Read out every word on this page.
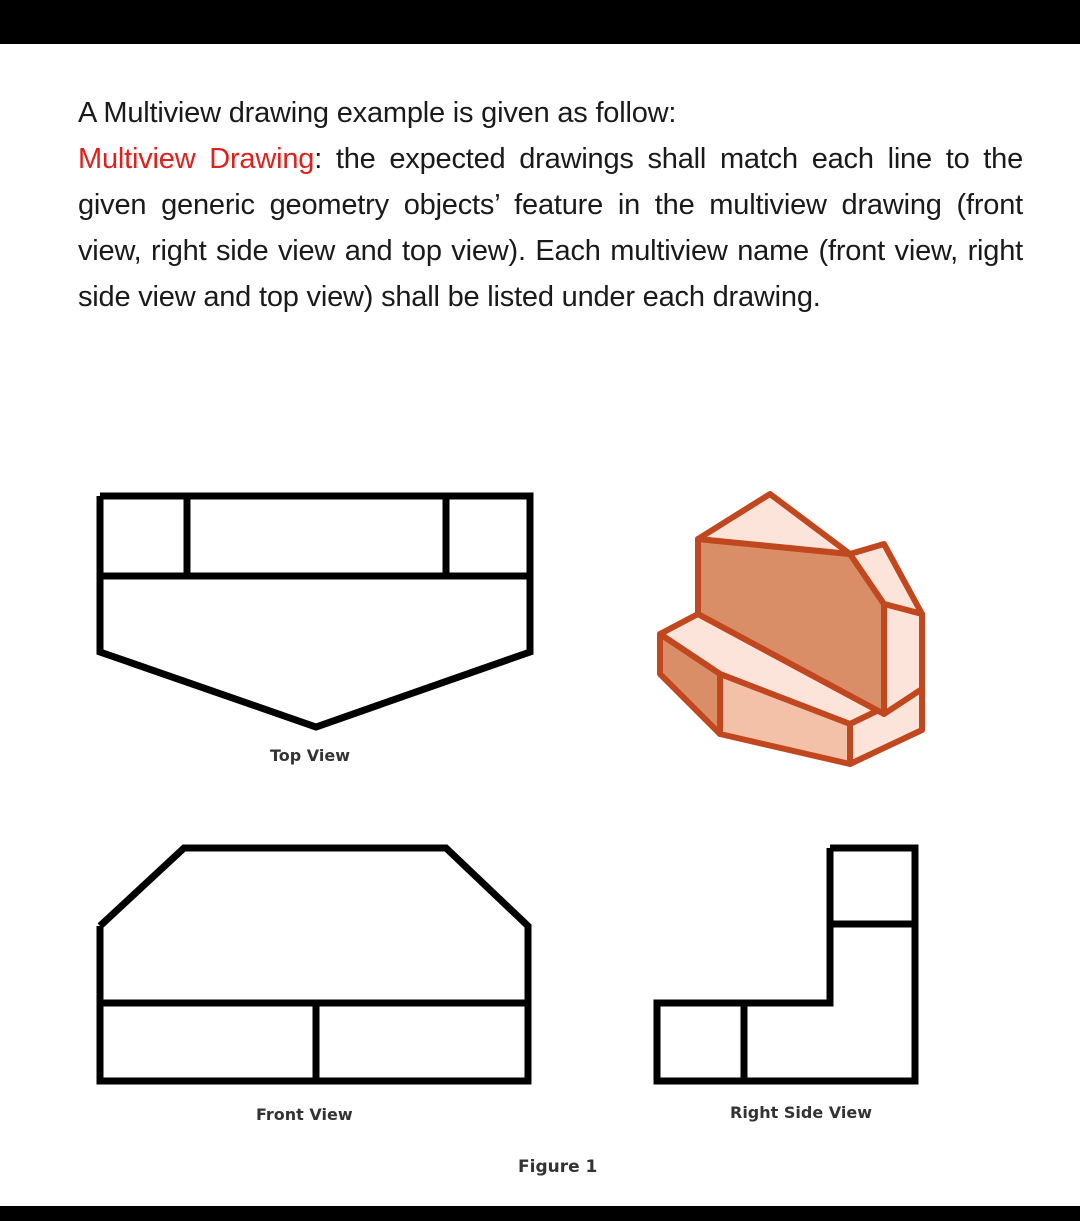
A Multiview drawing example is given as follow:

Multiview Drawing: the expected drawings shall match each line to the given generic geometry objects’ feature in the multiview drawing (front view, right side view and top view). Each multiview name (front view, right side view and top view) shall be listed under each drawing.

Top View
Front View	Right Side View
Figure 1
